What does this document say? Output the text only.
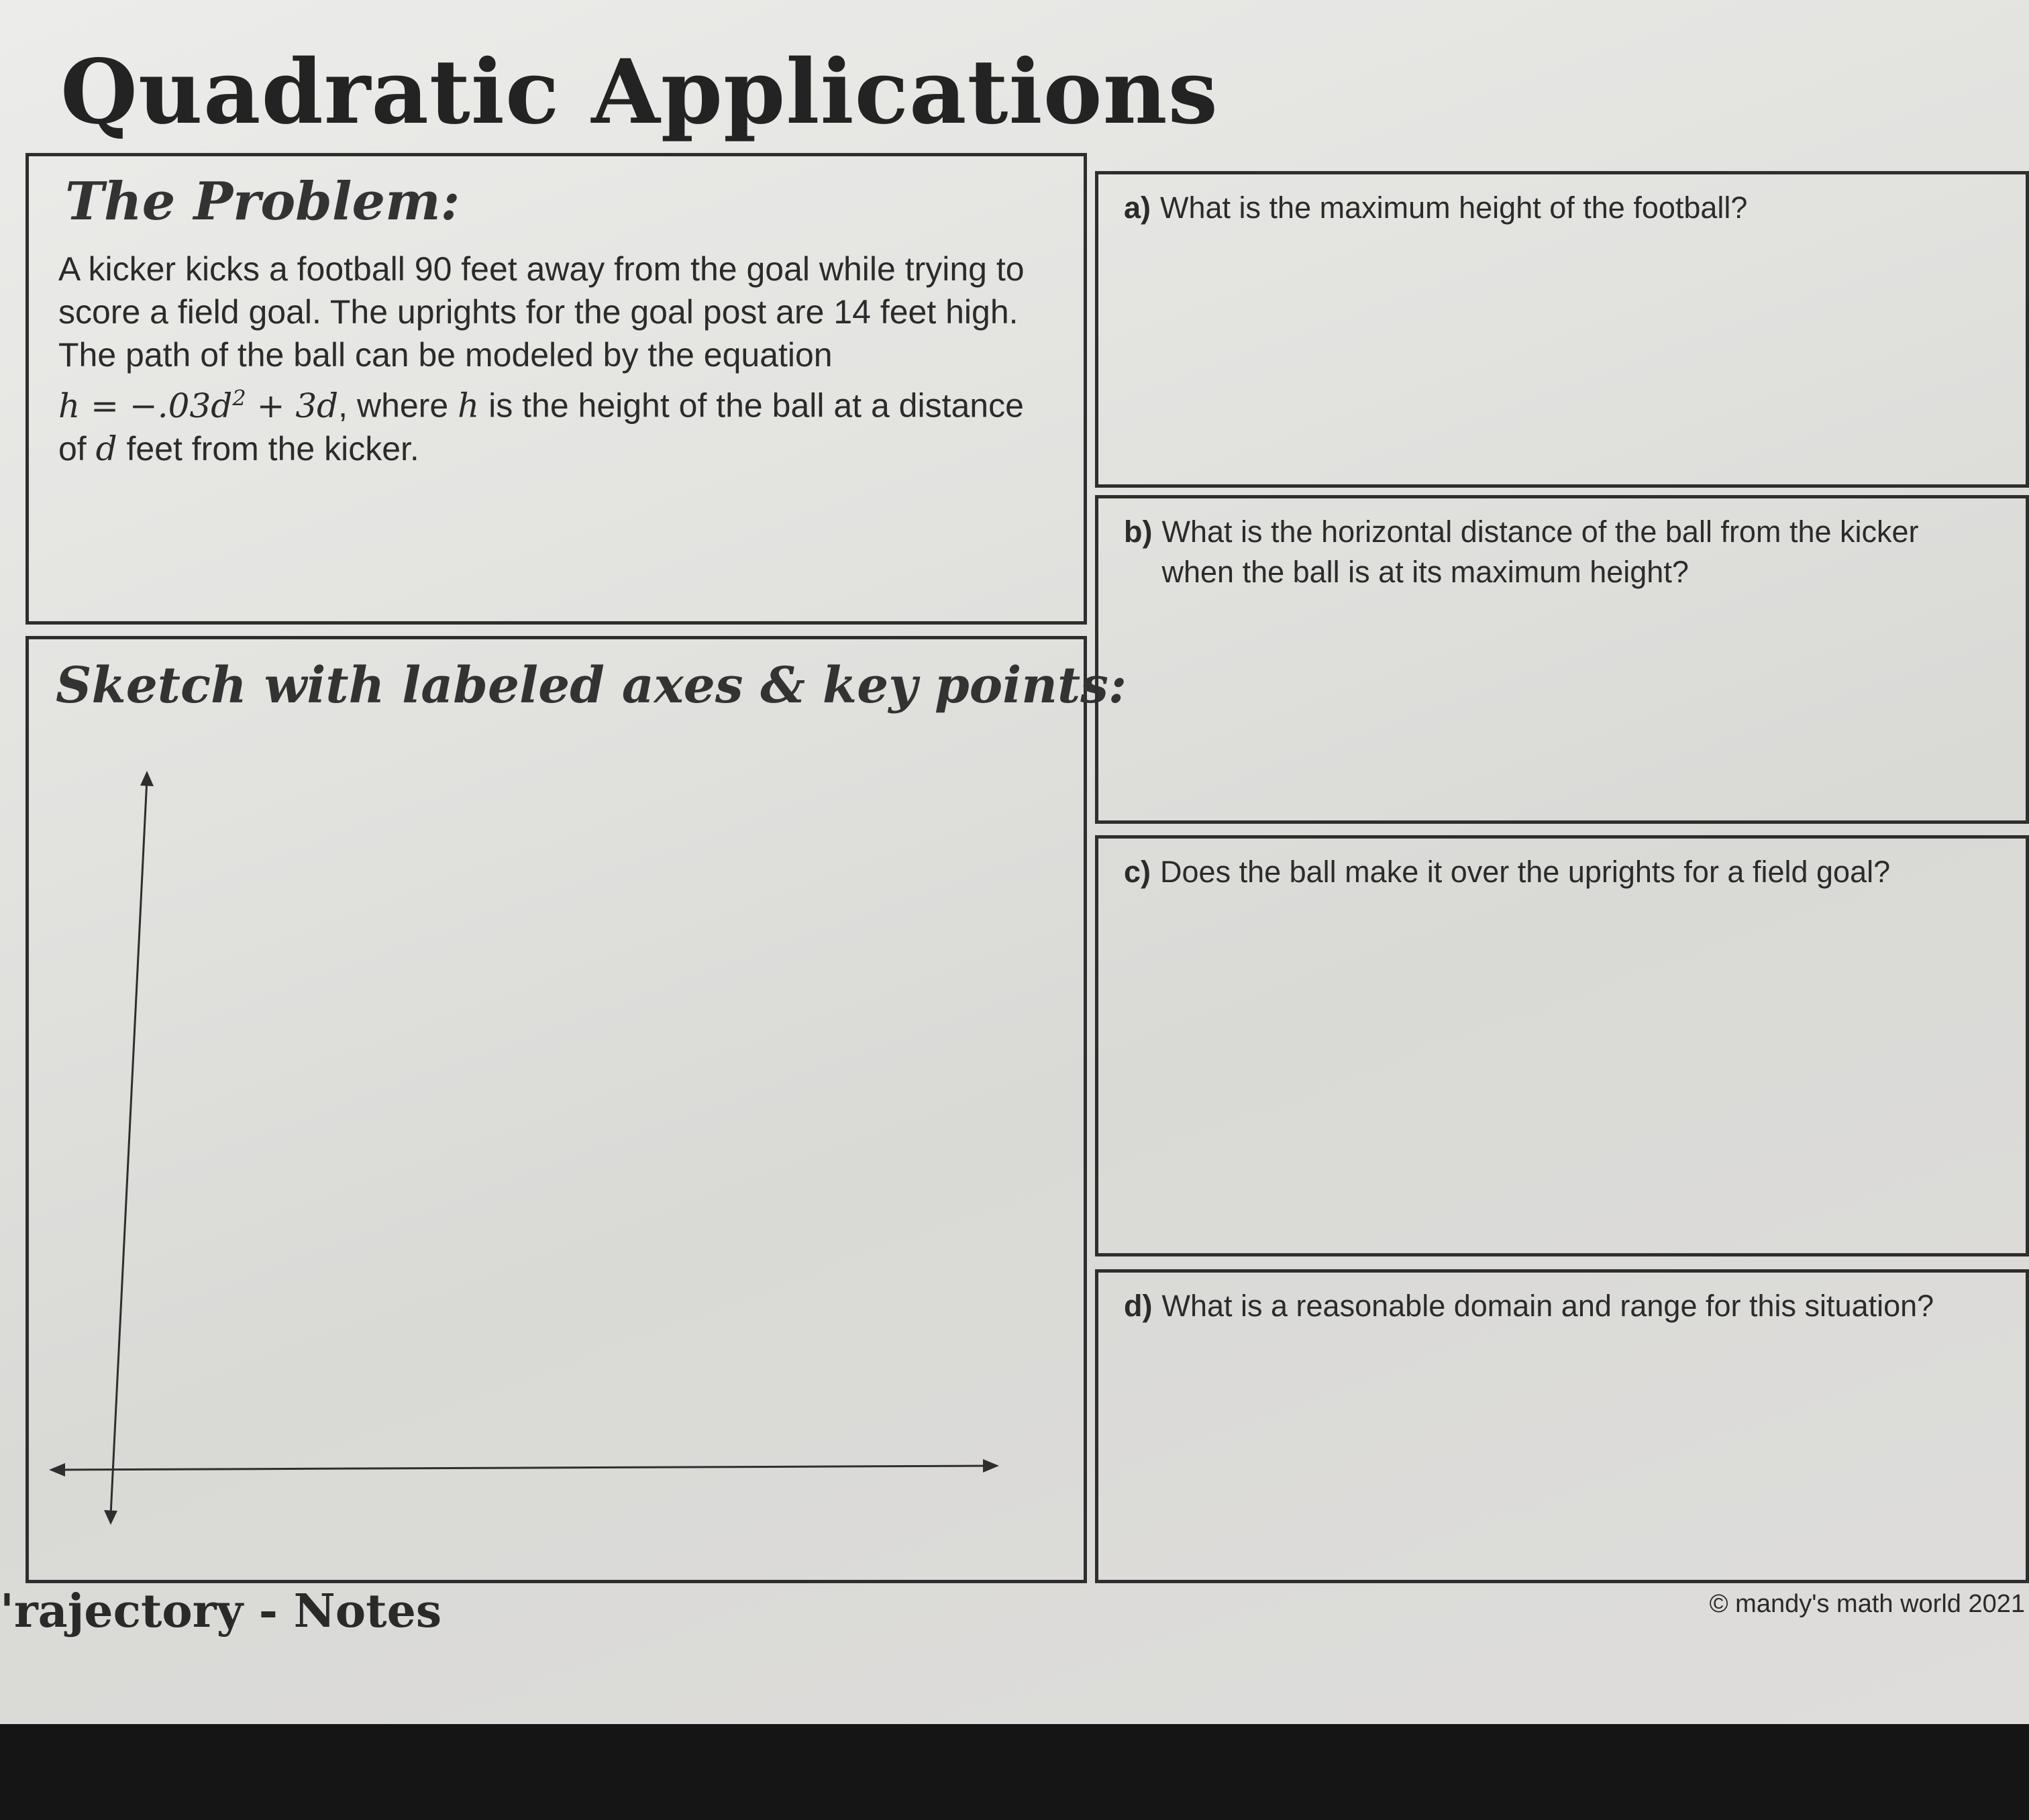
Quadratic Applications
The Problem:

A kicker kicks a football 90 feet away from the goal while trying to
score a field goal. The uprights for the goal post are 14 feet high.
The path of the ball can be modeled by the equation
$h = -.03d^2 + 3d$, where h is the height of the ball at a distance
of d feet from the kicker.

Sketch with labeled axes & key points:
a) What is the maximum height of the football?
b) What is the horizontal distance of the ball from the kicker when the ball is at its maximum height?
c) Does the ball make it over the uprights for a field goal?
d) What is a reasonable domain and range for this situation?

'rajectory - Notes	© mandy's math world 2021
